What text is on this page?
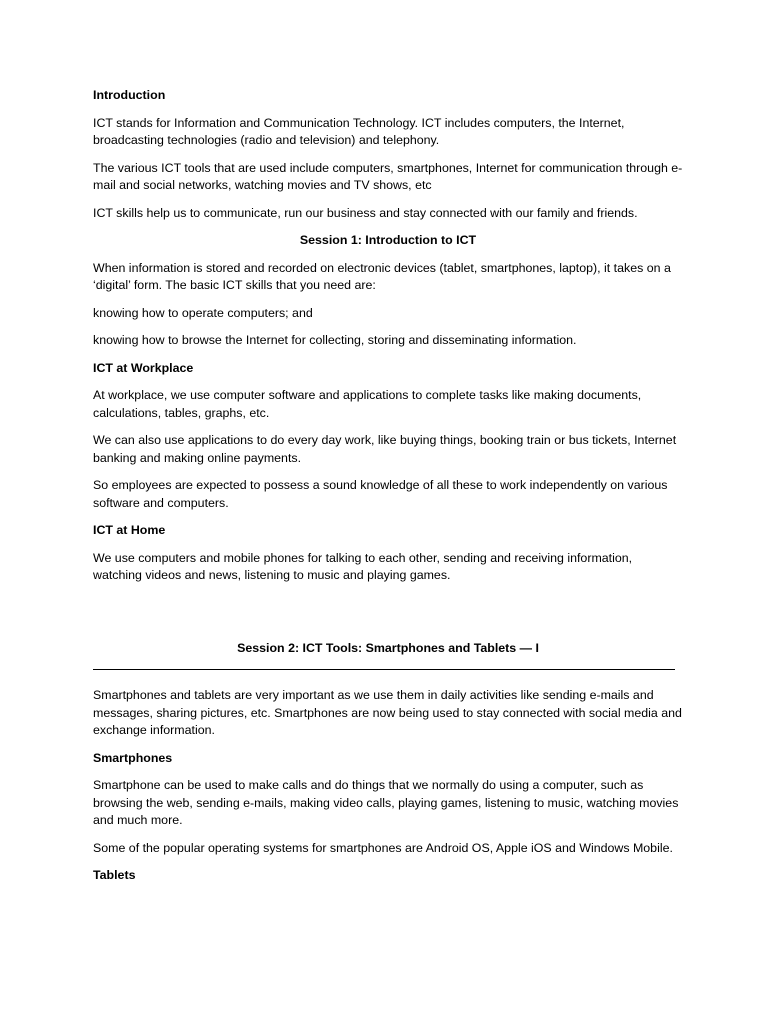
Introduction
ICT stands for Information and Communication Technology. ICT includes computers, the Internet, broadcasting technologies (radio and television) and telephony.
The various ICT tools that are used include computers, smartphones, Internet for communication through e-mail and social networks, watching movies and TV shows, etc
ICT skills help us to communicate, run our business and stay connected with our family and friends.
Session 1: Introduction to ICT
When information is stored and recorded on electronic devices (tablet, smartphones, laptop), it takes on a ‘digital’ form. The basic ICT skills that you need are:
knowing how to operate computers; and
knowing how to browse the Internet for collecting, storing and disseminating information.
ICT at Workplace
At workplace, we use computer software and applications to complete tasks like making documents, calculations, tables, graphs, etc.
We can also use applications to do every day work, like buying things, booking train or bus tickets, Internet
banking and making online payments.
So employees are expected to possess a sound knowledge of all these to work independently on various software and computers.
ICT at Home
We use computers and mobile phones for talking to each other, sending and receiving information, watching videos and news, listening to music and playing games.
Session 2: ICT Tools: Smartphones and Tablets — I
Smartphones and tablets are very important as we use them in daily activities like sending e-mails and messages, sharing pictures, etc. Smartphones are now being used to stay connected with social media and exchange information.
Smartphones
Smartphone can be used to make calls and do things that we normally do using a computer, such as browsing the web, sending e-mails, making video calls, playing games, listening to music, watching movies and much more.
Some of the popular operating systems for smartphones are Android OS, Apple iOS and Windows Mobile.
Tablets
